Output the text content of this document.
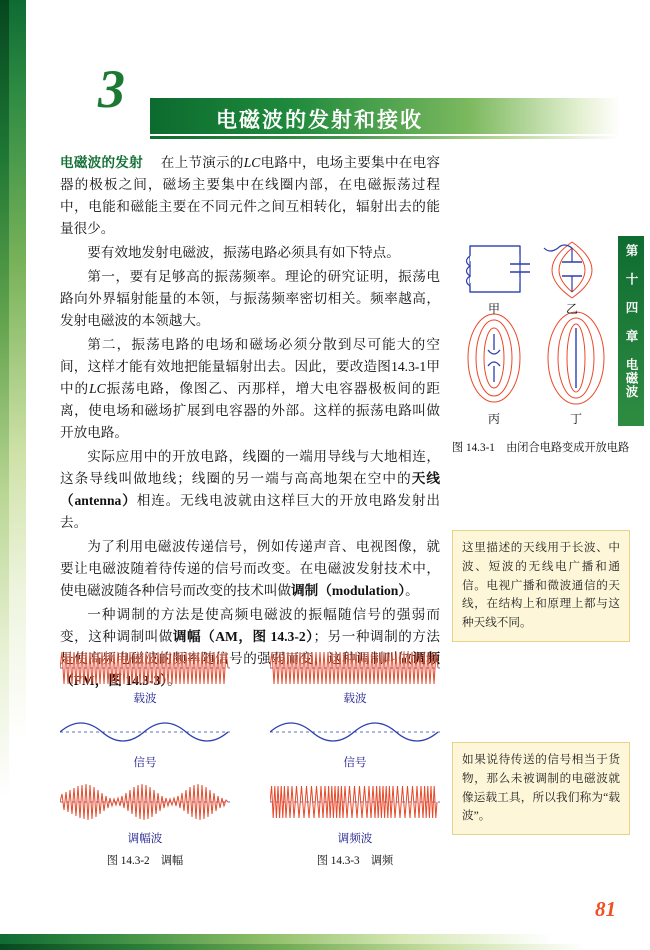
3
电磁波的发射和接收
第 十 四 章 电磁波

电磁波的发射 在上节演示的LC电路中，电场主要集中在电容器的极板之间，磁场主要集中在线圈内部，在电磁振荡过程中，电能和磁能主要在不同元件之间互相转化，辐射出去的能量很少。

要有效地发射电磁波，振荡电路必须具有如下特点。

第一，要有足够高的振荡频率。理论的研究证明，振荡电路向外界辐射能量的本领，与振荡频率密切相关。频率越高，发射电磁波的本领越大。

第二，振荡电路的电场和磁场必须分散到尽可能大的空间，这样才能有效地把能量辐射出去。因此，要改造图14.3-1甲中的LC振荡电路，像图乙、丙那样，增大电容器极板间的距离，使电场和磁场扩展到电容器的外部。这样的振荡电路叫做开放电路。

实际应用中的开放电路，线圈的一端用导线与大地相连，这条导线叫做地线；线圈的另一端与高高地架在空中的天线（antenna）相连。无线电波就由这样巨大的开放电路发射出去。

为了利用电磁波传递信号，例如传递声音、电视图像，就要让电磁波随着待传递的信号而改变。在电磁波发射技术中，使电磁波随各种信号而改变的技术叫做调制（modulation）。

一种调制的方法是使高频电磁波的振幅随信号的强弱而变，这种调制叫做调幅（AM，图 14.3-2）；另一种调制的方法是使高频电磁波的频率随信号的强弱而变，这种调制叫做调频（FM，图 14.3-3）。

甲	乙
丙	丁
图 14.3-1　由闭合电路变成开放电路
这里描述的天线用于长波、中波、短波的无线电广播和通信。电视广播和微波通信的天线，在结构上和原理上都与这种天线不同。
如果说待传送的信号相当于货物，那么未被调制的电磁波就像运载工具，所以我们称为“载波”。
载波
信号
调幅波
图 14.3-2　调幅
载波
信号
调频波
图 14.3-3　调频
81
